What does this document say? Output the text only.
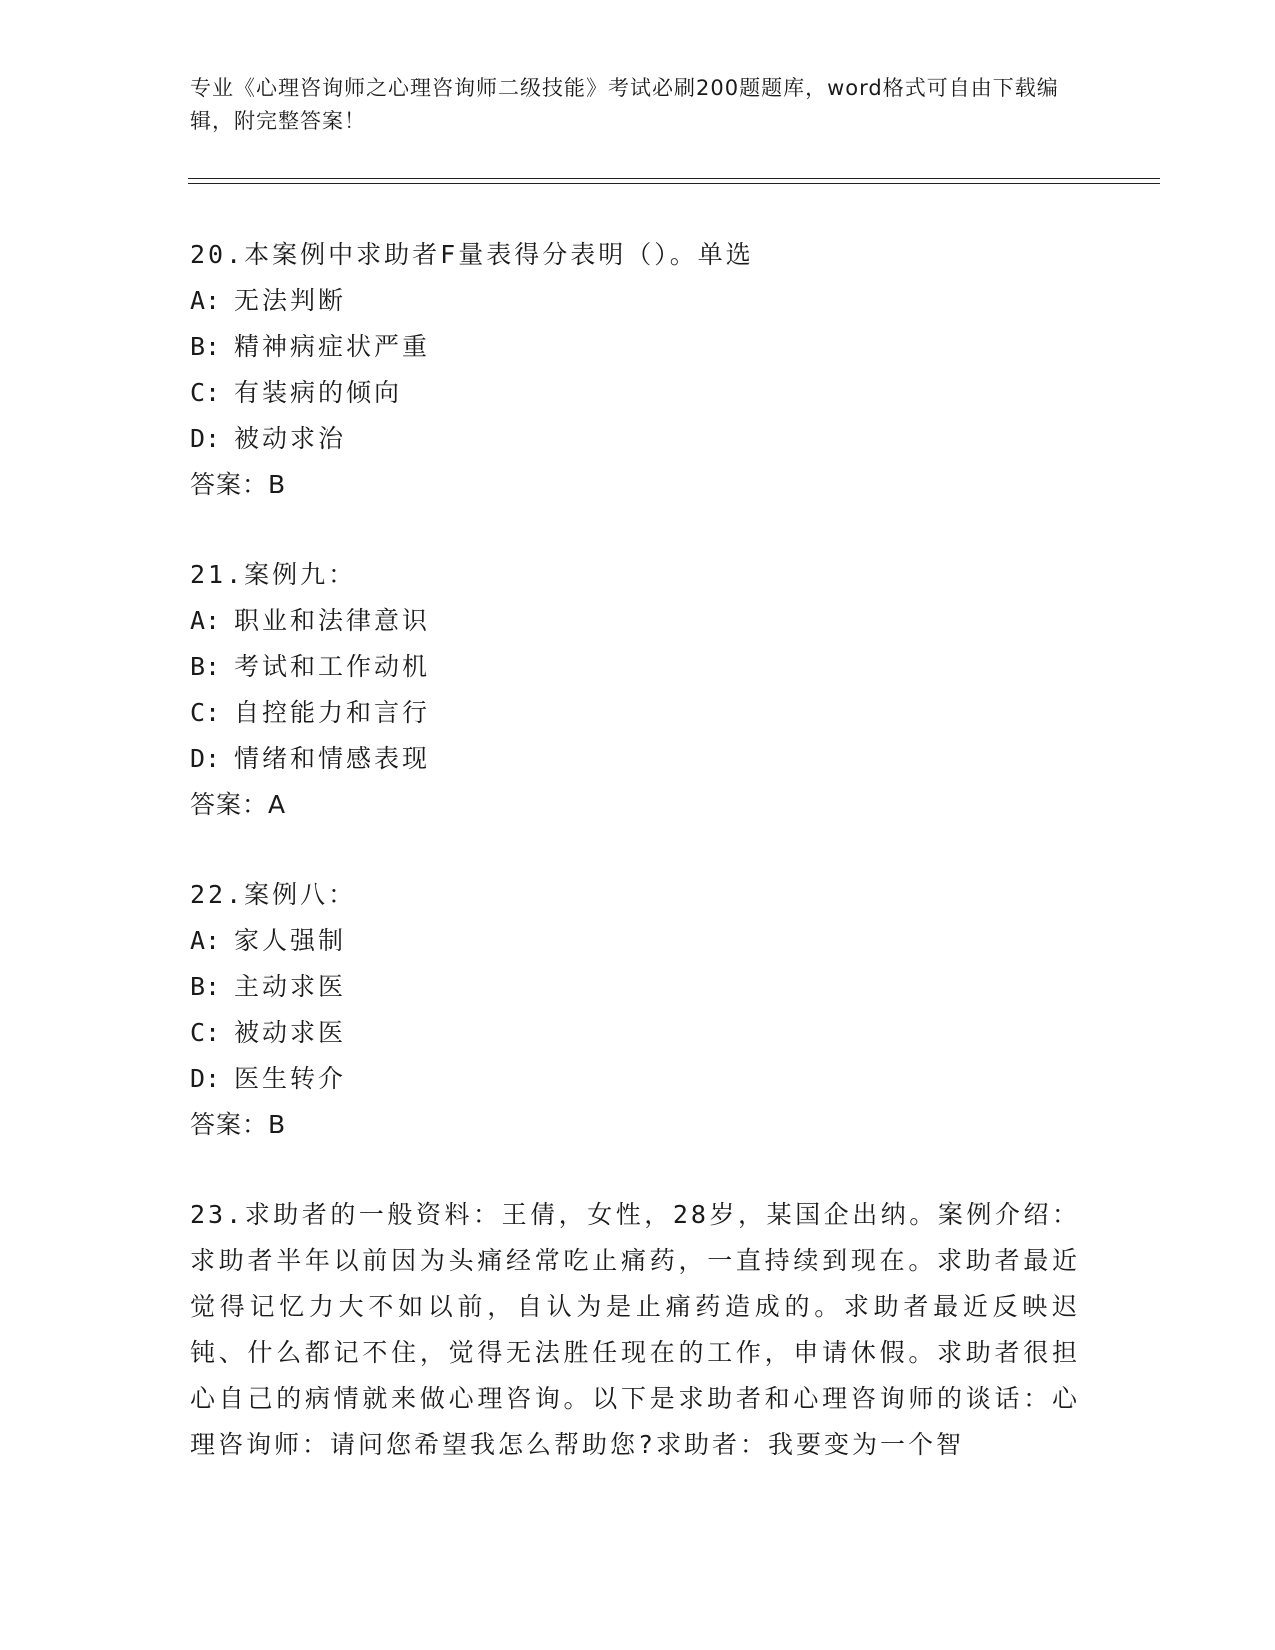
专业《心理咨询师之心理咨询师二级技能》考试必刷200题题库，word格式可自由下载编辑，附完整答案！
20.本案例中求助者F量表得分表明（）。单选
A: 无法判断
B: 精神病症状严重
C: 有装病的倾向
D: 被动求治
答案：B
21.案例九：
A: 职业和法律意识
B: 考试和工作动机
C: 自控能力和言行
D: 情绪和情感表现
答案：A
22.案例八：
A: 家人强制
B: 主动求医
C: 被动求医
D: 医生转介
答案：B
23.求助者的一般资料：王倩，女性，28岁，某国企出纳。案例介绍：求助者半年以前因为头痛经常吃止痛药，一直持续到现在。求助者最近觉得记忆力大不如以前，自认为是止痛药造成的。求助者最近反映迟钝、什么都记不住，觉得无法胜任现在的工作，申请休假。求助者很担心自己的病情就来做心理咨询。以下是求助者和心理咨询师的谈话：心理咨询师：请问您希望我怎么帮助您?求助者：我要变为一个智
